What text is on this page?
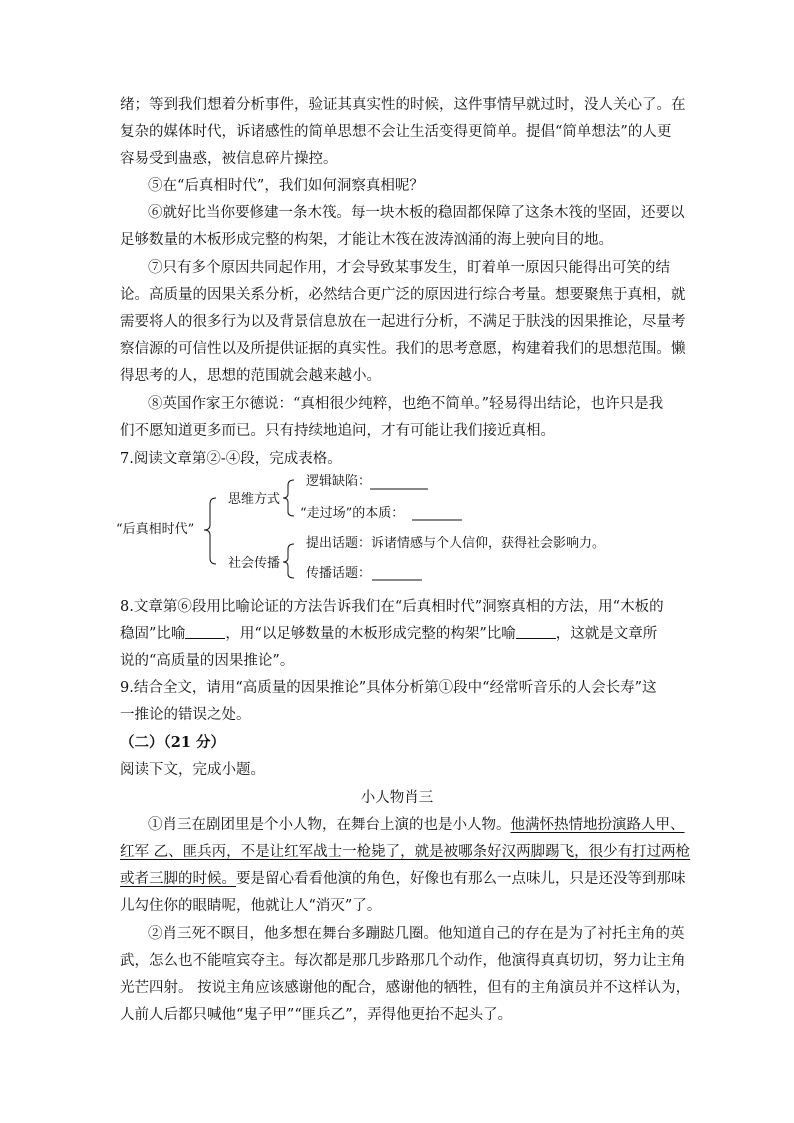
绪；等到我们想着分析事件，验证其真实性的时候，这件事情早就过时，没人关心了。在
复杂的媒体时代，诉诸感性的简单思想不会让生活变得更简单。提倡“简单想法”的人更
容易受到蛊惑，被信息碎片操控。
⑤在“后真相时代”，我们如何洞察真相呢？
⑥就好比当你要修建一条木筏。每一块木板的稳固都保障了这条木筏的坚固，还要以
足够数量的木板形成完整的构架，才能让木筏在波涛汹涌的海上驶向目的地。
⑦只有多个原因共同起作用，才会导致某事发生，盯着单一原因只能得出可笑的结
论。高质量的因果关系分析，必然结合更广泛的原因进行综合考量。想要聚焦于真相，就
需要将人的很多行为以及背景信息放在一起进行分析，不满足于肤浅的因果推论，尽量考
察信源的可信性以及所提供证据的真实性。我们的思考意愿，构建着我们的思想范围。懒
得思考的人，思想的范围就会越来越小。
⑧英国作家王尔德说：“真相很少纯粹，也绝不简单。”轻易得出结论，也许只是我
们不愿知道更多而已。只有持续地追问，才有可能让我们接近真相。
7.阅读文章第②-④段，完成表格。
“后真相时代”
思维方式
社会传播
逻辑缺陷：
“走过场”的本质：
提出话题：诉诸情感与个人信仰，获得社会影响力。
传播话题：
8.文章第⑥段用比喻论证的方法告诉我们在“后真相时代”洞察真相的方法，用“木板的
稳固”比喻	，用“以足够数量的木板形成完整的构架”比喻	，这就是文章所
说的“高质量的因果推论”。
9.结合全文，请用“高质量的因果推论”具体分析第①段中“经常听音乐的人会长寿”这
一推论的错误之处。
（二）（21 分）
阅读下文，完成小题。
小人物肖三
①肖三在剧团里是个小人物，在舞台上演的也是小人物。他满怀热情地扮演路人甲、
红军 乙、匪兵丙，不是让红军战士一枪毙了，就是被哪条好汉两脚踢飞，很少有打过两枪
或者三脚的时候。要是留心看看他演的角色，好像也有那么一点味儿，只是还没等到那味
儿勾住你的眼睛呢，他就让人“消灭”了。
②肖三死不瞑目，他多想在舞台多蹦跶几圈。他知道自己的存在是为了衬托主角的英
武，怎么也不能喧宾夺主。每次都是那几步路那几个动作，他演得真真切切，努力让主角
光芒四射。 按说主角应该感谢他的配合，感谢他的牺牲，但有的主角演员并不这样认为，
人前人后都只喊他“鬼子甲”“匪兵乙”，弄得他更抬不起头了。
